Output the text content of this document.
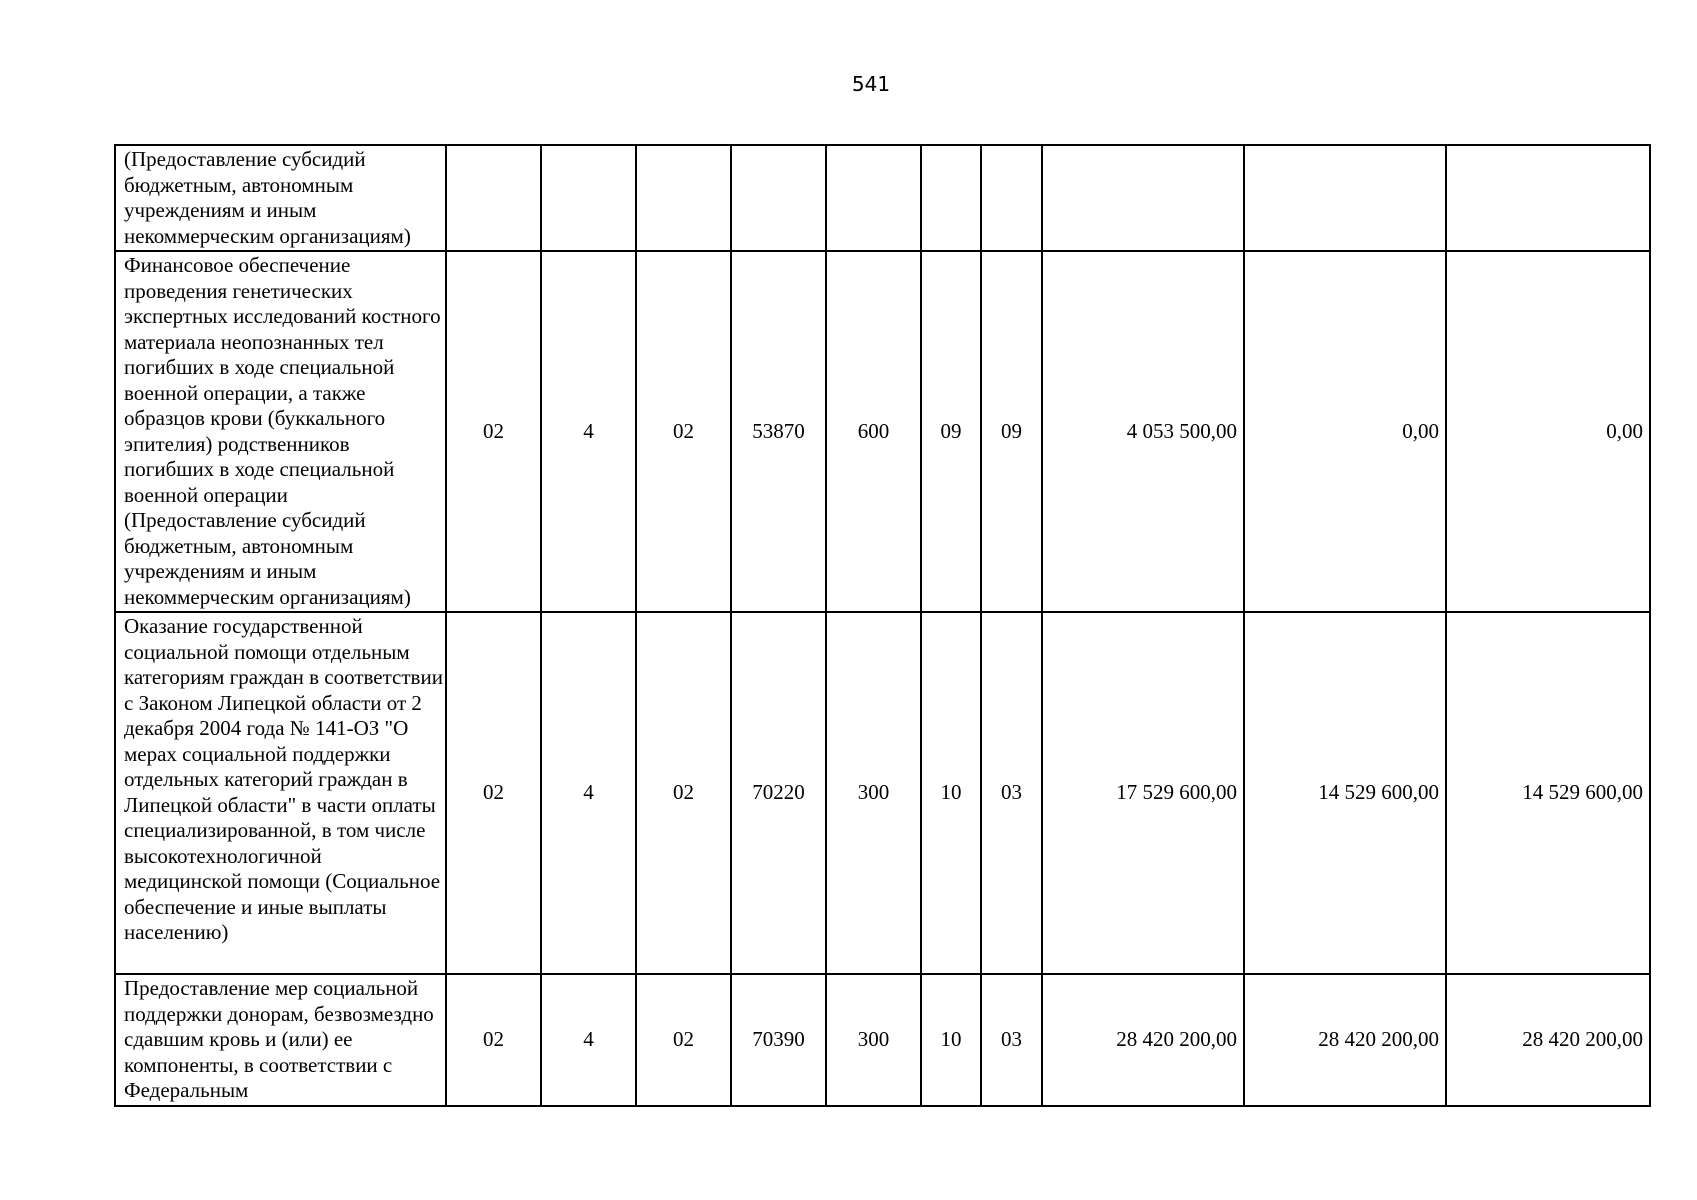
541
(Предоставление субсидий бюджетным, автономным учреждениям и иным некоммерческим организациям)										
Финансовое обеспечение проведения генетических экспертных исследований костного материала неопознанных тел погибших в ходе специальной военной операции, а также образцов крови (буккального эпителия) родственников погибших в ходе специальной военной операции (Предоставление субсидий бюджетным, автономным учреждениям и иным некоммерческим организациям)	02	4	02	53870	600	09	09	4 053 500,00	0,00	0,00
Оказание государственной социальной помощи отдельным категориям граждан в соответствии с Законом Липецкой области от 2 декабря 2004 года № 141-ОЗ "О мерах социальной поддержки отдельных категорий граждан в Липецкой области" в части оплаты специализированной, в том числе высокотехнологичной медицинской помощи (Социальное обеспечение и иные выплаты населению)	02	4	02	70220	300	10	03	17 529 600,00	14 529 600,00	14 529 600,00
Предоставление мер социальной поддержки донорам, безвозмездно сдавшим кровь и (или) ее компоненты, в соответствии с Федеральным	02	4	02	70390	300	10	03	28 420 200,00	28 420 200,00	28 420 200,00
